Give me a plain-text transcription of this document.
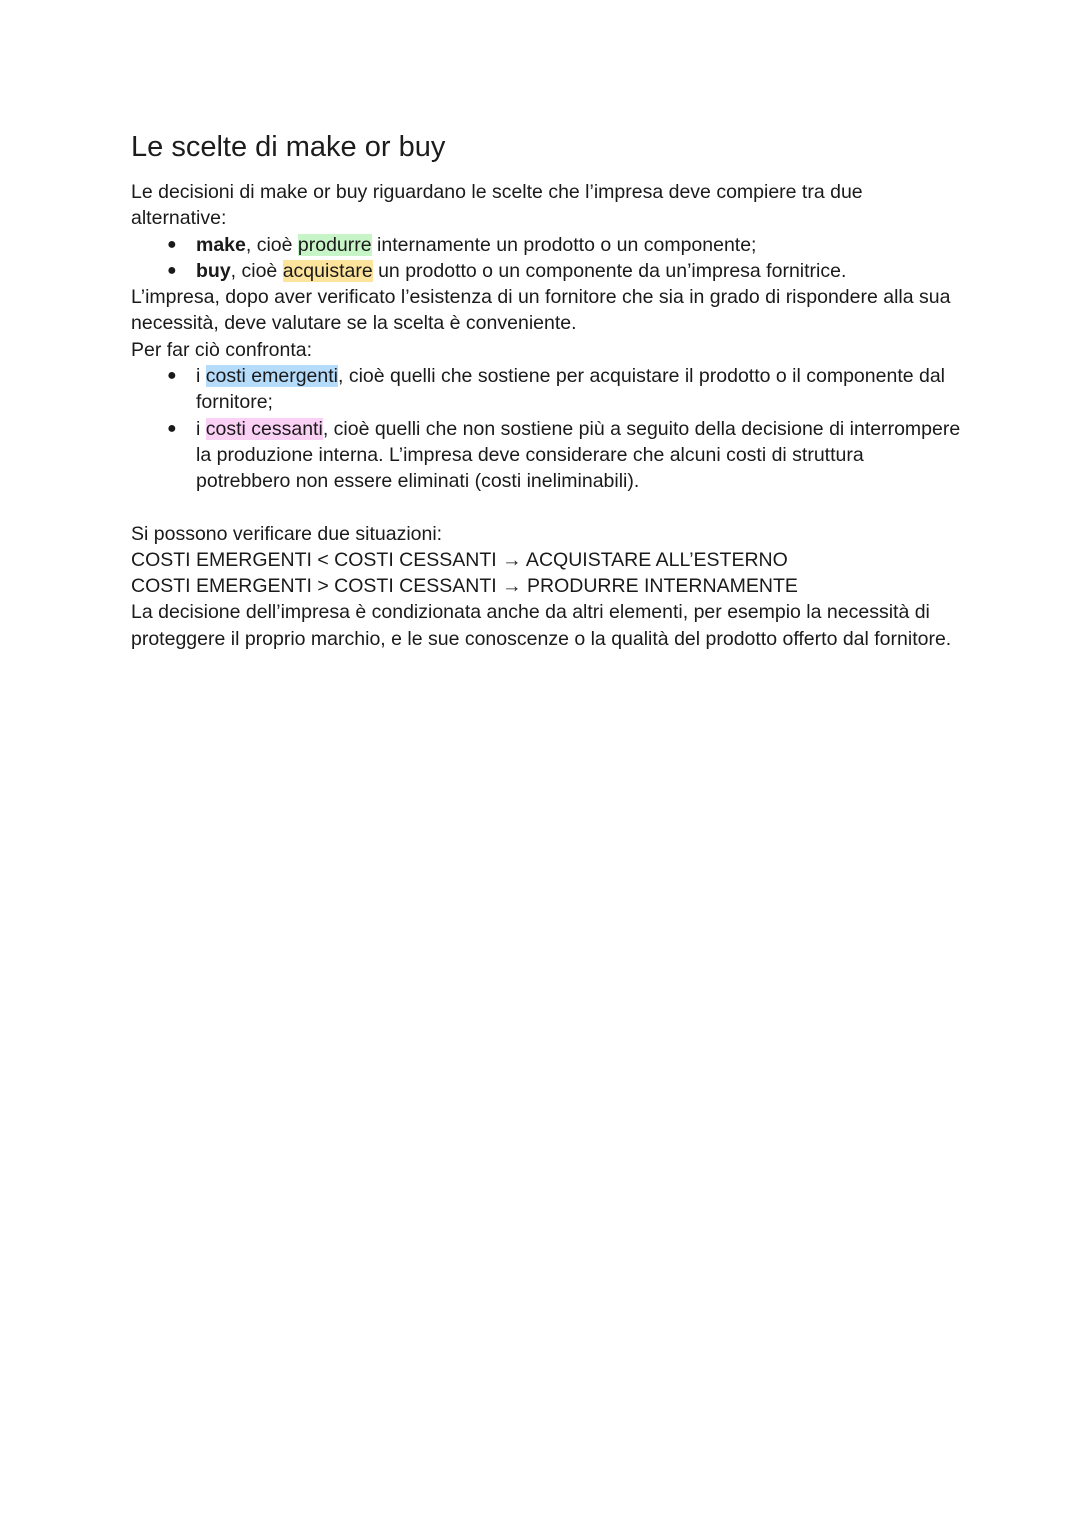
Le scelte di make or buy

Le decisioni di make or buy riguardano le scelte che l’impresa deve compiere tra due alternative:

● make, cioè produrre internamente un prodotto o un componente;
● buy, cioè acquistare un prodotto o un componente da un’impresa fornitrice.

L’impresa, dopo aver verificato l’esistenza di un fornitore che sia in grado di rispondere alla sua necessità, deve valutare se la scelta è conveniente.

Per far ciò confronta:

● i costi emergenti, cioè quelli che sostiene per acquistare il prodotto o il componente dal fornitore;
● i costi cessanti, cioè quelli che non sostiene più a seguito della decisione di interrompere la produzione interna. L’impresa deve considerare che alcuni costi di struttura potrebbero non essere eliminati (costi ineliminabili).

Si possono verificare due situazioni:

COSTI EMERGENTI < COSTI CESSANTI → ACQUISTARE ALL’ESTERNO

COSTI EMERGENTI > COSTI CESSANTI → PRODURRE INTERNAMENTE

La decisione dell’impresa è condizionata anche da altri elementi, per esempio la necessità di proteggere il proprio marchio, e le sue conoscenze o la qualità del prodotto offerto dal fornitore.
